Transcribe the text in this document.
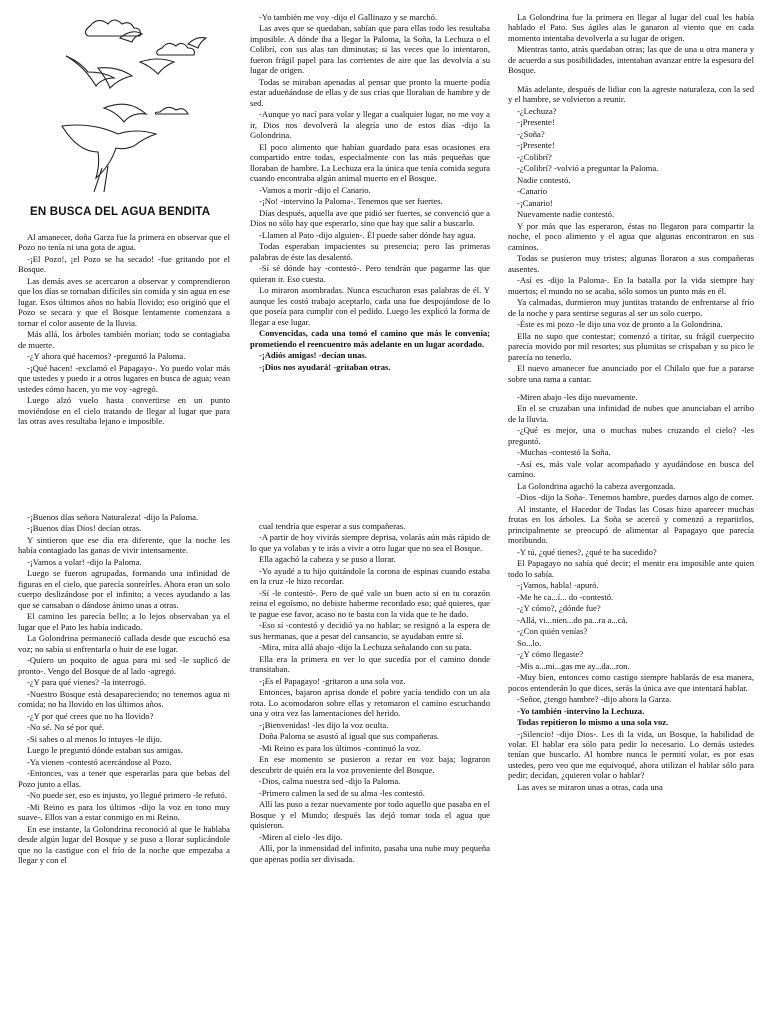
EN BUSCA DEL AGUA BENDITA

Al amanecer, doña Garza fue la primera en observar que el Pozo no tenía ni una gota de agua.

-¡El Pozo!, ¡el Pozo se ha secado! -fue gritando por el Bosque.

Las demás aves se acercaron a observar y comprendieron que los días se tornaban difíciles sin comida y sin agua en ese lugar. Esos últimos años no había llovido; eso originó que el Pozo se secara y que el Bosque lentamente comenzara a tornar el color ausente de la lluvia.

Más allá, los árboles también morían; todo se contagiaba de muerte.

-¿Y ahora qué hacemos? -preguntó la Paloma.

-¡Qué hacen! -exclamó el Papagayo-. Yo puedo volar más que ustedes y puedo ir a otros lugares en busca de agua; vean ustedes cómo hacen, yo me voy -agregó.

Luego alzó vuelo hasta convertirse en un punto moviéndose en el cielo tratando de llegar al lugar que para las otras aves resultaba lejano e imposible.

-¡Buenos días señora Naturaleza! -dijo la Paloma.

-¡Buenos días Dios! decían otras.

Y sintieron que ese día era diferente, que la noche les había contagiado las ganas de vivir intensamente.

-¡Vamos a volar! -dijo la Paloma.

Luego se fueron agrupadas, formando una infinidad de figuras en el cielo, que parecía sonreírles. Ahora eran un solo cuerpo deslizándose por el infinito; a veces ayudando a las que se cansaban o dándose ánimo unas a otras.

El camino les parecía bello; a lo lejos observaban ya el lugar que el Pato les había indicado.

La Golondrina permaneció callada desde que escuchó esa voz; no sabía si enfrentarla o huir de ese lugar.

-Quiero un poquito de agua para mi sed -le suplicó de pronto-. Vengo del Bosque de al lado -agregó.

-¿Y para qué vienes? -la interrogó.

-Nuestro Bosque está desapareciendo; no tenemos agua ni comida; no ha llovido en los últimos años.

-¿Y por qué crees que no ha llovido?

-No sé. No sé por qué.

-Si sabes o al menos lo intuyes -le dijo.

Luego le preguntó dónde estaban sus amigas.

-Ya vienen -contestó acercándose al Pozo.

-Entonces, vas a tener que esperarlas para que bebas del Pozo junto a ellas.

-No puede ser, eso es injusto, yo llegué primero -le refutó.

-Mi Reino es para los últimos -dijo la voz en tono muy suave-. Ellos van a estar conmigo en mi Reino.

En ese instante, la Golondrina reconoció al que le hablaba desde algún lugar del Bosque y se puso a llorar suplicándole que no la castigue con el frío de la noche que empezaba a llegar y con el

-Yo también me voy -dijo el Gallinazo y se marchó.

Las aves que se quedaban, sabían que para ellas todo les resultaba imposible. A dónde iba a llegar la Paloma, la Soña, la Lechuza o el Colibrí, con sus alas tan diminutas; si las veces que lo intentaron, fueron frágil papel para las corrientes de aire que las devolvía a su lugar de origen.

Todas se miraban apenadas al pensar que pronto la muerte podía estar adueñándose de ellas y de sus crías que lloraban de hambre y de sed.

-Aunque yo nací para volar y llegar a cualquier lugar, no me voy a ir, Dios nos devolverá la alegría uno de estos días -dijo la Golondrina.

El poco alimento que habían guardado para esas ocasiones era compartido entre todas, especialmente con las más pequeñas que lloraban de hambre. La Lechuza era la única que tenía comida segura cuando encontraba algún animal muerto en el Bosque.

-Vamos a morir -dijo el Canario.

-¡No! -intervino la Paloma-. Tenemos que ser fuertes.

Días después, aquella ave que pidió ser fuertes, se convenció que a Dios no sólo hay que esperarlo, sino que hay que salir a buscarlo.

-Llamen al Pato -dijo alguien-. Él puede saber dónde hay agua.

Todas esperaban impacientes su presencia; pero las primeras palabras de éste las desalentó.

-Sí sé dónde hay -contestó-. Pero tendrán que pagarme las que quieran ir. Eso cuesta.

Lo miraron asombradas. Nunca escucharon esas palabras de él. Y aunque les costó trabajo aceptarlo, cada una fue despojándose de lo que poseía para cumplir con el pedido. Luego les explicó la forma de llegar a ese lugar.

Convencidas, cada una tomó el camino que más le convenía; prometiendo el reencuentro más adelante en un lugar acordado.

-¡Adiós amigas! -decían unas.

-¡Dios nos ayudará! -gritaban otras.

cual tendría que esperar a sus compañeras.

-A partir de hoy vivirás siempre deprisa, volarás aún más rápido de lo que ya volabas y te irás a vivir a otro lugar que no sea el Bosque.

Ella agachó la cabeza y se puso a llorar.

-Yo ayudé a tu hijo quitándole la corona de espinas cuando estaba en la cruz -le hizo recordar.

-Sí -le contestó-. Pero de qué vale un buen acto si en tu corazón reina el egoísmo, no debiste haberme recordado eso; qué quieres, que te pague ese favor, acaso no te basta con la vida que te he dado.

-Eso sí -contestó y decidió ya no hablar; se resignó a la espera de sus hermanas, que a pesar del cansancio, se ayudaban entre sí.

-Mira, mira allá abajo -dijo la Lechuza señalando con su pata.

Ella era la primera en ver lo que sucedía por el camino donde transitaban.

-¡Es el Papagayo! -gritaron a una sola voz.

Entonces, bajaron aprisa donde el pobre yacía tendido con un ala rota. Lo acomodaron sobre ellas y retomaron el camino escuchando una y otra vez las lamentaciones del herido.

-¡Bienvenidas! -les dijo la voz oculta.

Doña Paloma se asustó al igual que sus compañeras.

-Mi Reino es para los últimos -continuó la voz.

En ese momento se pusieron a rezar en voz baja; lograron descubrir de quién era la voz proveniente del Bosque.

-Dios, calma nuestra sed -dijo la Paloma.

-Primero calmen la sed de su alma -les contestó.

Allí las puso a rezar nuevamente por todo aquello que pasaba en el Bosque y el Mundo; después las dejó tomar toda el agua que quisieron.

-Miren al cielo -les dijo.

Allí, por la inmensidad del infinito, pasaba una nube muy pequeña que apenas podía ser divisada.

La Golondrina fue la primera en llegar al lugar del cual les había hablado el Pato. Sus ágiles alas le ganaron al viento que en cada momento intentaba devolverla a su lugar de origen.

Mientras tanto, atrás quedaban otras; las que de una u otra manera y de acuerdo a sus posibilidades, intentaban avanzar entre la espesura del Bosque.

Más adelante, después de lidiar con la agreste naturaleza, con la sed y el hambre, se volvieron a reunir.

-¿Lechuza?

-¡Presente!

-¿Soña?

-¡Presente!

-¿Colibrí?

-¿Colibrí? -volvió a preguntar la Paloma.

Nadie contestó.

-Canario

-¡Canario!

Nuevamente nadie contestó.

Y por más que las esperaron, éstas no llegaron para compartir la noche, el poco alimento y el agua que algunas encontraron en sus caminos.

Todas se pusieron muy tristes; algunas lloraron a sus compañeras ausentes.

-Así es -dijo la Paloma-. En la batalla por la vida siempre hay muertos; el mundo no se acaba, sólo somos un punto más en él.

Ya calmadas, durmieron muy juntitas tratando de enfrentarse al frío de la noche y para sentirse seguras al ser un solo cuerpo.

-Éste es mi pozo -le dijo una voz de pronto a la Golondrina.

Ella no supo que contestar; comenzó a tiritar, su frágil cuerpecito parecía movido por mil resortes; sus plumitas se crispaban y su pico le parecía no tenerlo.

El nuevo amanecer fue anunciado por el Chilalo que fue a pararse sobre una rama a cantar.

-Miren abajo -les dijo nuevamente.

En el se cruzaban una infinidad de nubes que anunciaban el arribo de la lluvia.

-¿Qué es mejor, una o muchas nubes cruzando el cielo? -les preguntó.

-Muchas -contestó la Soña.

-Así es, más vale volar acompañado y ayudándose en busca del camino.

La Golondrina agachó la cabeza avergonzada.

-Dios -dijo la Soña-. Tenemos hambre, puedes darnos algo de comer.

Al instante, el Hacedor de Todas las Cosas hizo aparecer muchas frutas en los árboles. La Soña se acercó y comenzó a repartirlos, principalmente se preocupó de alimentar al Papagayo que parecía moribundo.

-Y tú, ¿qué tienes?, ¿qué te ha sucedido?

El Papagayo no sabía qué decir; el mentir era imposible ante quien todo lo sabía.

-¡Vamos, habla! -apuró.

-Me he ca...í... do -contestó.

-¿Y cómo?, ¿dónde fue?

-Allá, vi...nien...do pa...ra a...cá.

-¿Con quién venías?

So...lo.

-¿Y cómo llegaste?

-Mis a...mi...gas me ay...da...ron.

-Muy bien, entonces como castigo siempre hablarás de esa manera, pocos entenderán lo que dices, serás la única ave que intentará hablar.

-Señor, ¿tengo hambre? -dijo ahora la Garza.

-Yo también -intervino la Lechuza.

Todas repitieron lo mismo a una sola voz.

-¡Silencio! -dijo Dios-. Les di la vida, un Bosque, la habilidad de volar. El hablar era sólo para pedir lo necesario. Lo demás ustedes tenían que buscarlo. Al hombre nunca le permití volar, es por esas ustedes, pero veo que me equivoqué, ahora utilizan el hablar sólo para pedir; decidan, ¿quieren volar o hablar?

Las aves se miraron unas a otras, cada una
